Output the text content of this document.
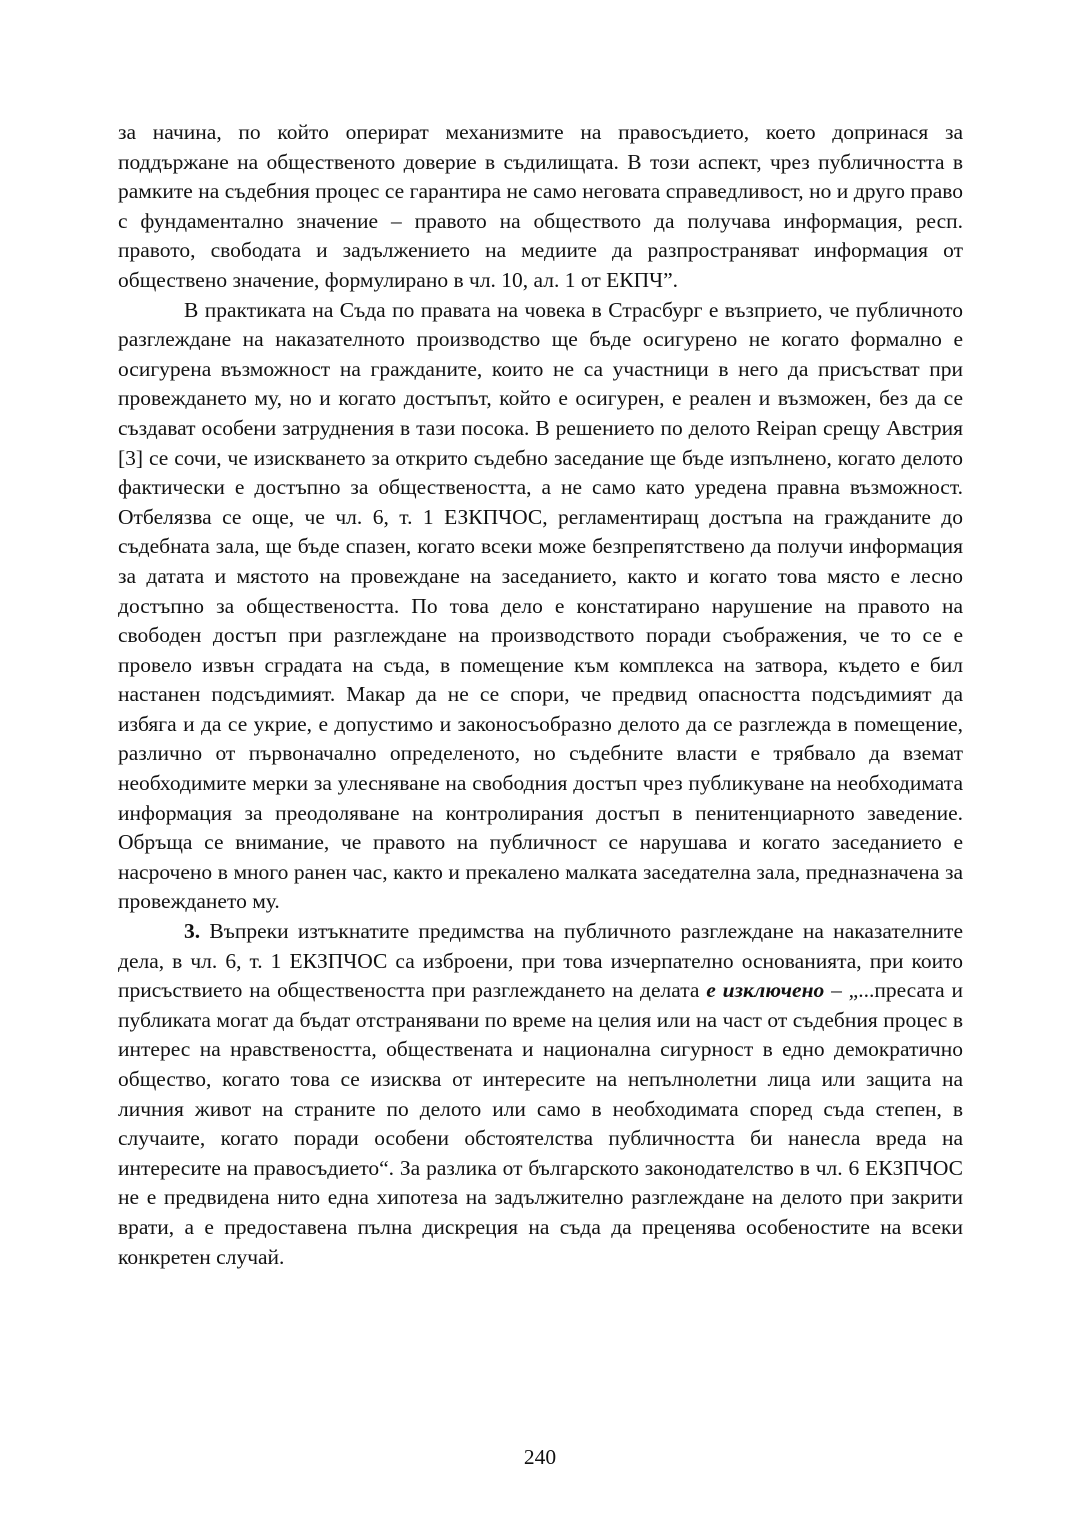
за начина, по който оперират механизмите на правосъдието, което допринася за поддържане на общественото доверие в съдилищата. В този аспект, чрез публичността в рамките на съдебния процес се гарантира не само неговата справедливост, но и друго право с фундаментално значение – правото на обществото да получава информация, респ. правото, свободата и задължението на медиите да разпространяват информация от обществено значение, формулирано в чл. 10, ал. 1 от ЕКПЧ”.

В практиката на Съда по правата на човека в Страсбург е възприето, че публичното разглеждане на наказателното производство ще бъде осигурено не когато формално е осигурена възможност на гражданите, които не са участници в него да присъстват при провеждането му, но и когато достъпът, който е осигурен, е реален и възможен, без да се създават особени затруднения в тази посока. В решението по делото Reipan срещу Австрия [3] се сочи, че изискването за открито съдебно заседание ще бъде изпълнено, когато делото фактически е достъпно за обществеността, а не само като уредена правна възможност. Отбелязва се още, че чл. 6, т. 1 ЕЗКПЧОС, регламентиращ достъпа на гражданите до съдебната зала, ще бъде спазен, когато всеки може безпрепятствено да получи информация за датата и мястото на провеждане на заседанието, както и когато това място е лесно достъпно за обществеността. По това дело е констатирано нарушение на правото на свободен достъп при разглеждане на производството поради съображения, че то се е провело извън сградата на съда, в помещение към комплекса на затвора, където е бил настанен подсъдимият. Макар да не се спори, че предвид опасността подсъдимият да избяга и да се укрие, е допустимо и законосъобразно делото да се разглежда в помещение, различно от първоначално определеното, но съдебните власти е трябвало да вземат необходимите мерки за улесняване на свободния достъп чрез публикуване на необходимата информация за преодоляване на контролирания достъп в пенитенциарното заведение. Обръща се внимание, че правото на публичност се нарушава и когато заседанието е насрочено в много ранен час, както и прекалено малката заседателна зала, предназначена за провеждането му.

3. Въпреки изтъкнатите предимства на публичното разглеждане на наказателните дела, в чл. 6, т. 1 ЕКЗПЧОС са изброени, при това изчерпателно основанията, при които присъствието на обществеността при разглеждането на делата е изключено – „...пресата и публиката могат да бъдат отстранявани по време на целия или на част от съдебния процес в интерес на нравствеността, обществената и национална сигурност в едно демократично общество, когато това се изисква от интересите на непълнолетни лица или защита на личния живот на страните по делото или само в необходимата според съда степен, в случаите, когато поради особени обстоятелства публичността би нанесла вреда на интересите на правосъдието“. За разлика от българското законодателство в чл. 6 ЕКЗПЧОС не е предвидена нито една хипотеза на задължително разглеждане на делото при закрити врати, а е предоставена пълна дискреция на съда да преценява особеностите на всеки конкретен случай.

240
